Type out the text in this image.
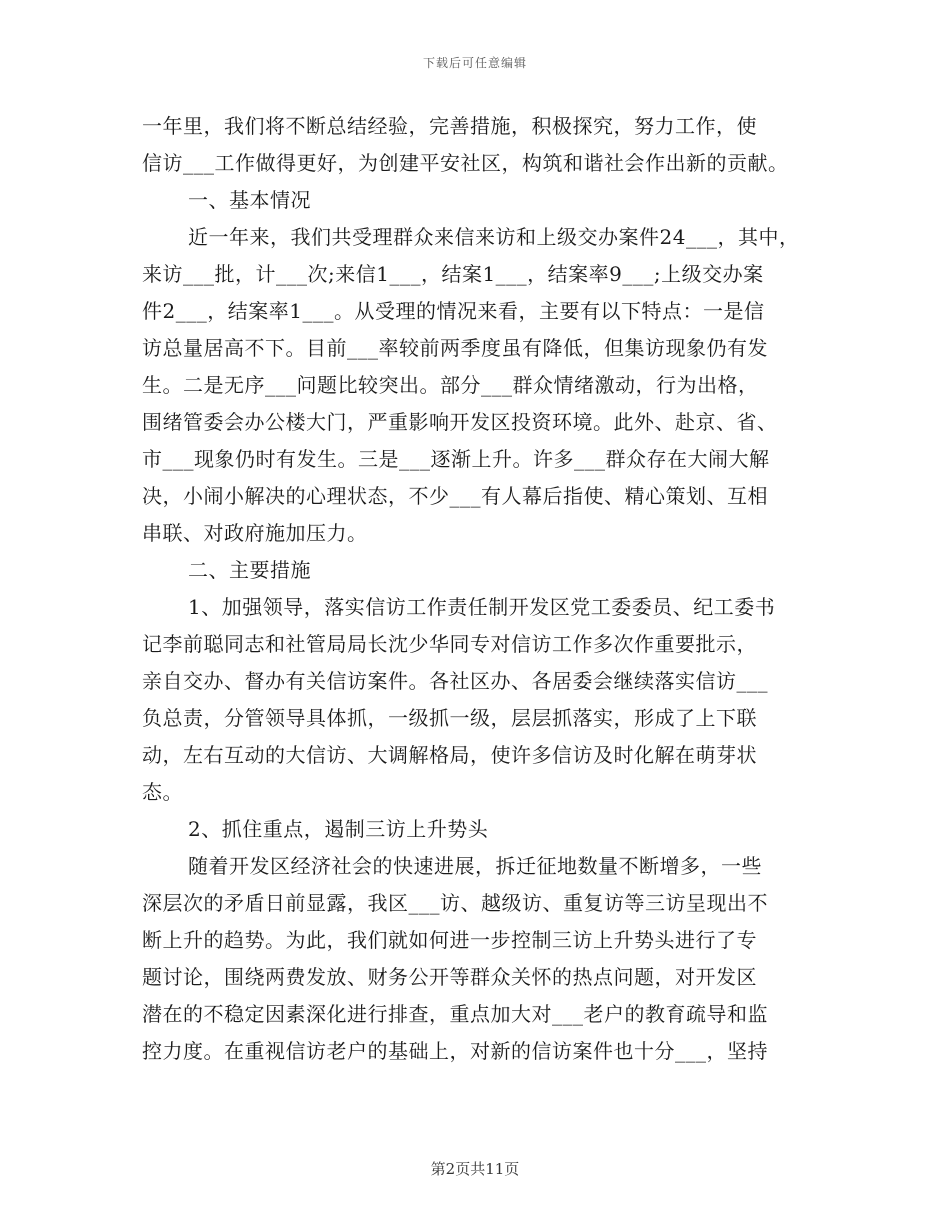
下载后可任意编辑
一年里，我们将不断总结经验，完善措施，积极探究，努力工作，使
信访___工作做得更好，为创建平安社区，构筑和谐社会作出新的贡献。
一、基本情况
近一年来，我们共受理群众来信来访和上级交办案件24___，其中，
来访___批，计___次;来信1___，结案1___，结案率9___;上级交办案
件2___，结案率1___。从受理的情况来看，主要有以下特点：一是信
访总量居高不下。目前___率较前两季度虽有降低，但集访现象仍有发
生。二是无序___问题比较突出。部分___群众情绪激动，行为出格，
围绪管委会办公楼大门，严重影响开发区投资环境。此外、赴京、省、
市___现象仍时有发生。三是___逐渐上升。许多___群众存在大闹大解
决，小闹小解决的心理状态，不少___有人幕后指使、精心策划、互相
串联、对政府施加压力。
二、主要措施
1、加强领导，落实信访工作责任制开发区党工委委员、纪工委书
记李前聪同志和社管局局长沈少华同专对信访工作多次作重要批示，
亲自交办、督办有关信访案件。各社区办、各居委会继续落实信访___
负总责，分管领导具体抓，一级抓一级，层层抓落实，形成了上下联
动，左右互动的大信访、大调解格局，使许多信访及时化解在萌芽状
态。
2、抓住重点，遏制三访上升势头
随着开发区经济社会的快速进展，拆迁征地数量不断增多，一些
深层次的矛盾日前显露，我区___访、越级访、重复访等三访呈现出不
断上升的趋势。为此，我们就如何进一步控制三访上升势头进行了专
题讨论，围绕两费发放、财务公开等群众关怀的热点问题，对开发区
潜在的不稳定因素深化进行排查，重点加大对___老户的教育疏导和监
控力度。在重视信访老户的基础上，对新的信访案件也十分___，坚持
第2页共11页
